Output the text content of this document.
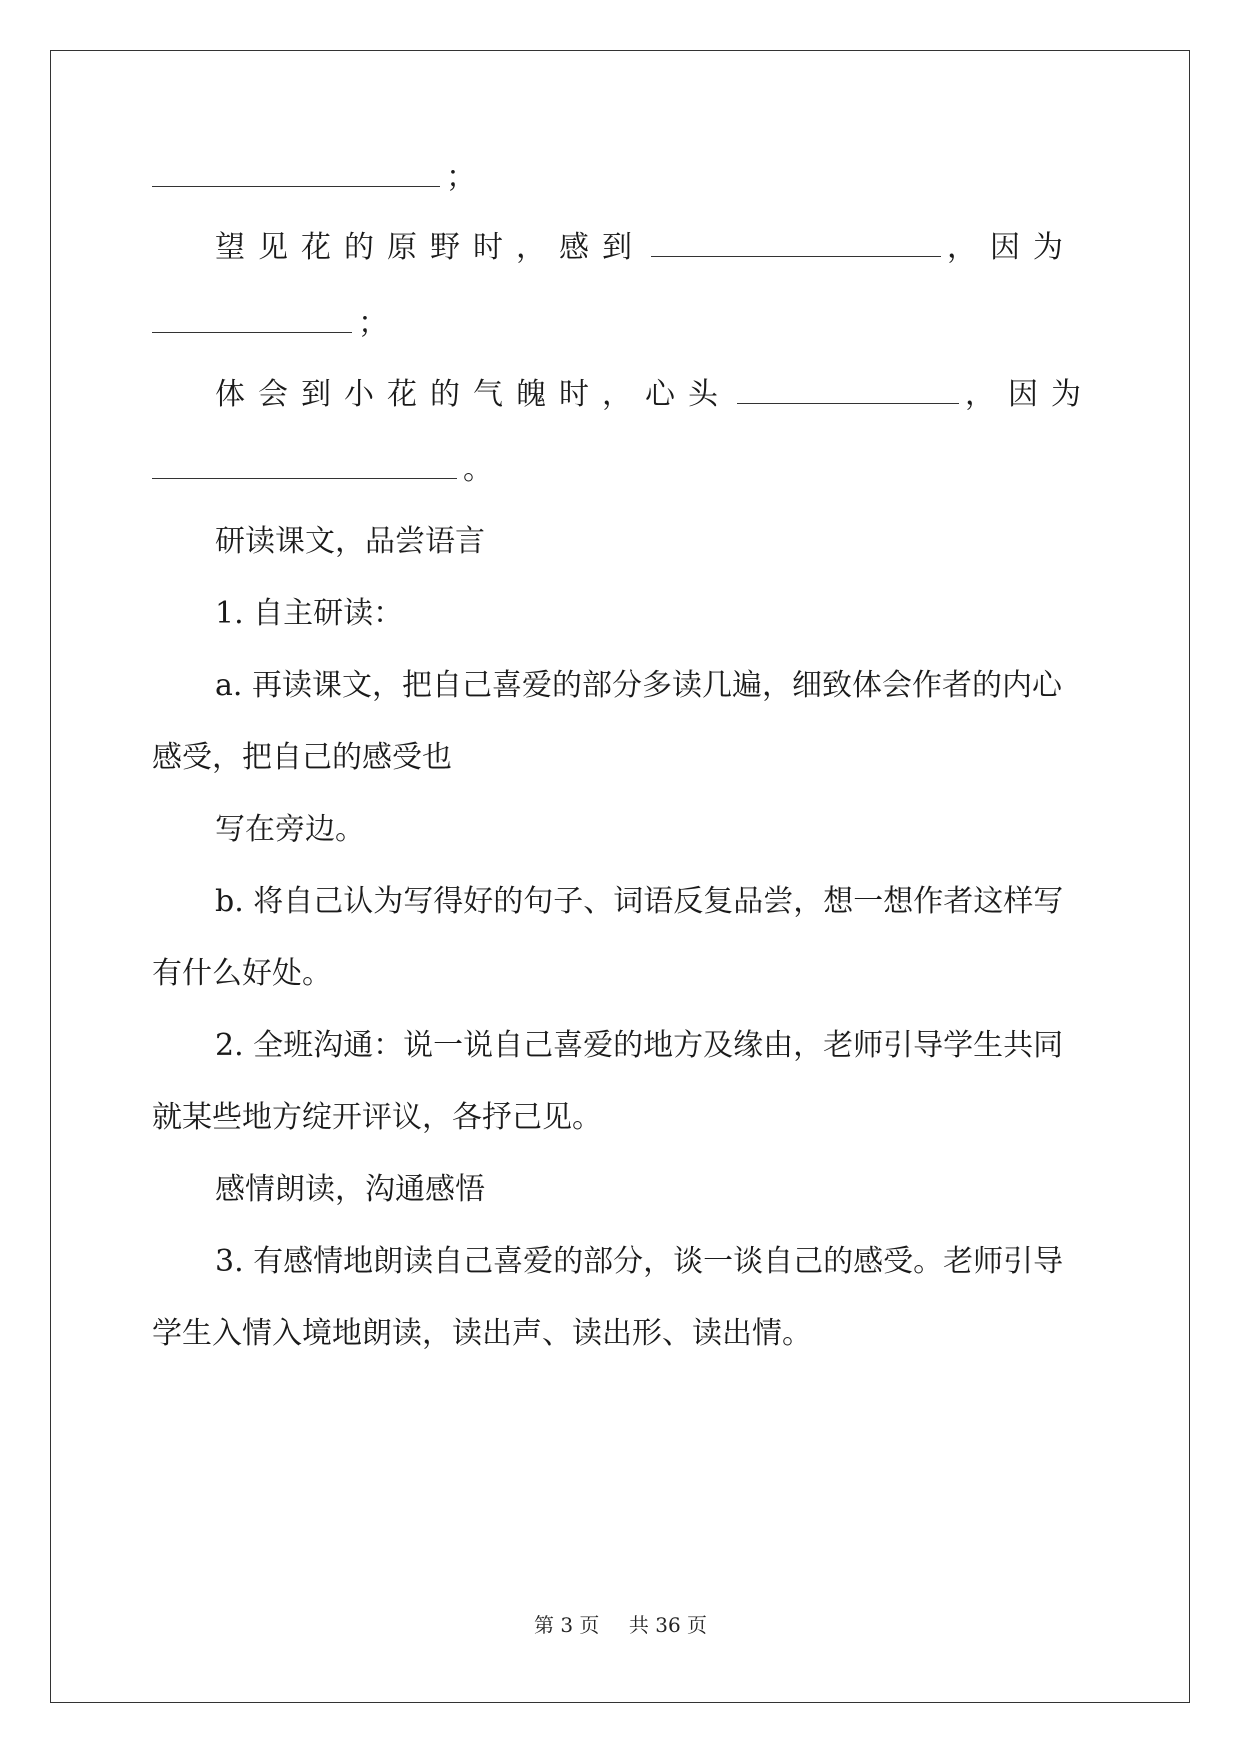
；
望见花的原野时，感到	，因为
；
体会到小花的气魄时，心头	，因为
。
研读课文，品尝语言
1. 自主研读：
a. 再读课文，把自己喜爱的部分多读几遍，细致体会作者的内心
感受，把自己的感受也
写在旁边。
b. 将自己认为写得好的句子、词语反复品尝，想一想作者这样写
有什么好处。
2. 全班沟通：说一说自己喜爱的地方及缘由，老师引导学生共同
就某些地方绽开评议，各抒己见。
感情朗读，沟通感悟
3. 有感情地朗读自己喜爱的部分，谈一谈自己的感受。老师引导
学生入情入境地朗读，读出声、读出形、读出情。
第 3 页 共 36 页
